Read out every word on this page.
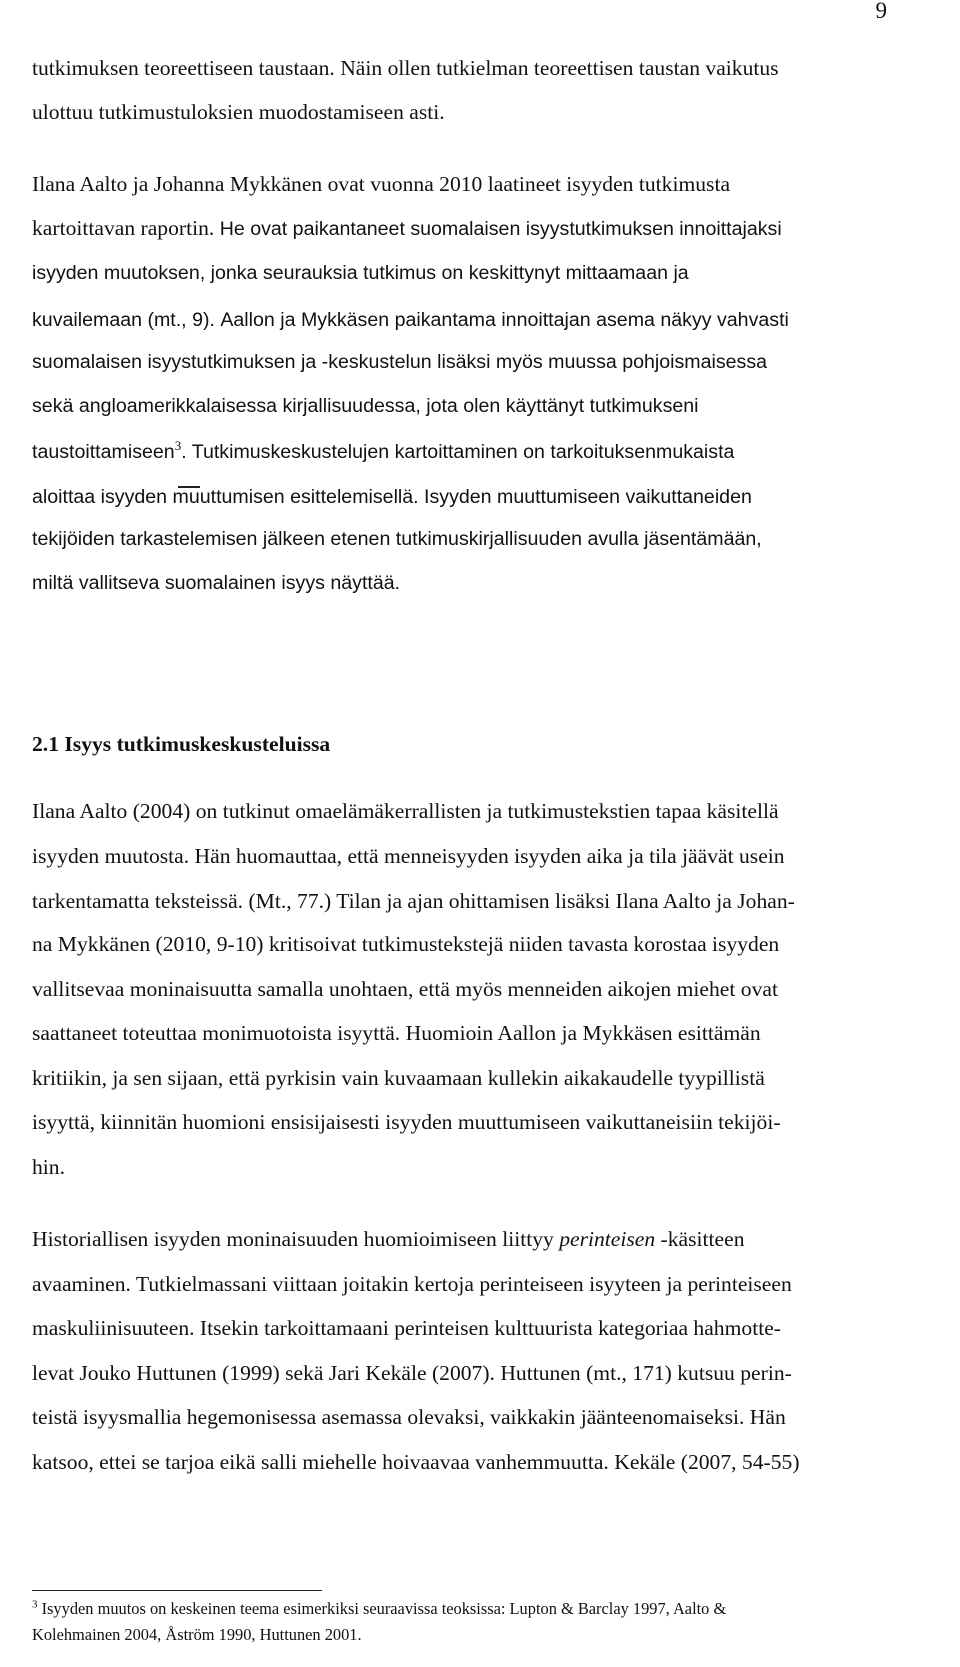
9
tutkimuksen teoreettiseen taustaan. Näin ollen tutkielman teoreettisen taustan vaikutus
ulottuu tutkimustuloksien muodostamiseen asti.
Ilana Aalto ja Johanna Mykkänen ovat vuonna 2010 laatineet isyyden tutkimusta
kartoittavan raportin. He ovat paikantaneet suomalaisen isyystutkimuksen innoittajaksi
isyyden muutoksen, jonka seurauksia tutkimus on keskittynyt mittaamaan ja
kuvailemaan (mt., 9). Aallon ja Mykkäsen paikantama innoittajan asema näkyy vahvasti
suomalaisen isyystutkimuksen ja -keskustelun lisäksi myös muussa pohjoismaisessa
sekä angloamerikkalaisessa kirjallisuudessa, jota olen käyttänyt tutkimukseni
taustoittamiseen$^3$. Tutkimuskeskustelujen kartoittaminen on tarkoituksenmukaista
aloittaa isyyden muuttumisen esittelemisellä. Isyyden muuttumiseen vaikuttaneiden
tekijöiden tarkastelemisen jälkeen etenen tutkimuskirjallisuuden avulla jäsentämään,
miltä vallitseva suomalainen isyys näyttää.
2.1 Isyys tutkimuskeskusteluissa
Ilana Aalto (2004) on tutkinut omaelämäkerrallisten ja tutkimustekstien tapaa käsitellä
isyyden muutosta. Hän huomauttaa, että menneisyyden isyyden aika ja tila jäävät usein
tarkentamatta teksteissä. (Mt., 77.) Tilan ja ajan ohittamisen lisäksi Ilana Aalto ja Johan-
na Mykkänen (2010, 9-10) kritisoivat tutkimustekstejä niiden tavasta korostaa isyyden
vallitsevaa moninaisuutta samalla unohtaen, että myös menneiden aikojen miehet ovat
saattaneet toteuttaa monimuotoista isyyttä. Huomioin Aallon ja Mykkäsen esittämän
kritiikin, ja sen sijaan, että pyrkisin vain kuvaamaan kullekin aikakaudelle tyypillistä
isyyttä, kiinnitän huomioni ensisijaisesti isyyden muuttumiseen vaikuttaneisiin tekijöi-
hin.
Historiallisen isyyden moninaisuuden huomioimiseen liittyy perinteisen -käsitteen
avaaminen. Tutkielmassani viittaan joitakin kertoja perinteiseen isyyteen ja perinteiseen
maskuliinisuuteen. Itsekin tarkoittamaani perinteisen kulttuurista kategoriaa hahmotte-
levat Jouko Huttunen (1999) sekä Jari Kekäle (2007). Huttunen (mt., 171) kutsuu perin-
teistä isyysmallia hegemonisessa asemassa olevaksi, vaikkakin jäänteenomaiseksi. Hän
katsoo, ettei se tarjoa eikä salli miehelle hoivaavaa vanhemmuutta. Kekäle (2007, 54-55)
$^3$ Isyyden muutos on keskeinen teema esimerkiksi seuraavissa teoksissa: Lupton & Barclay 1997, Aalto &
Kolehmainen 2004, Åström 1990, Huttunen 2001.
